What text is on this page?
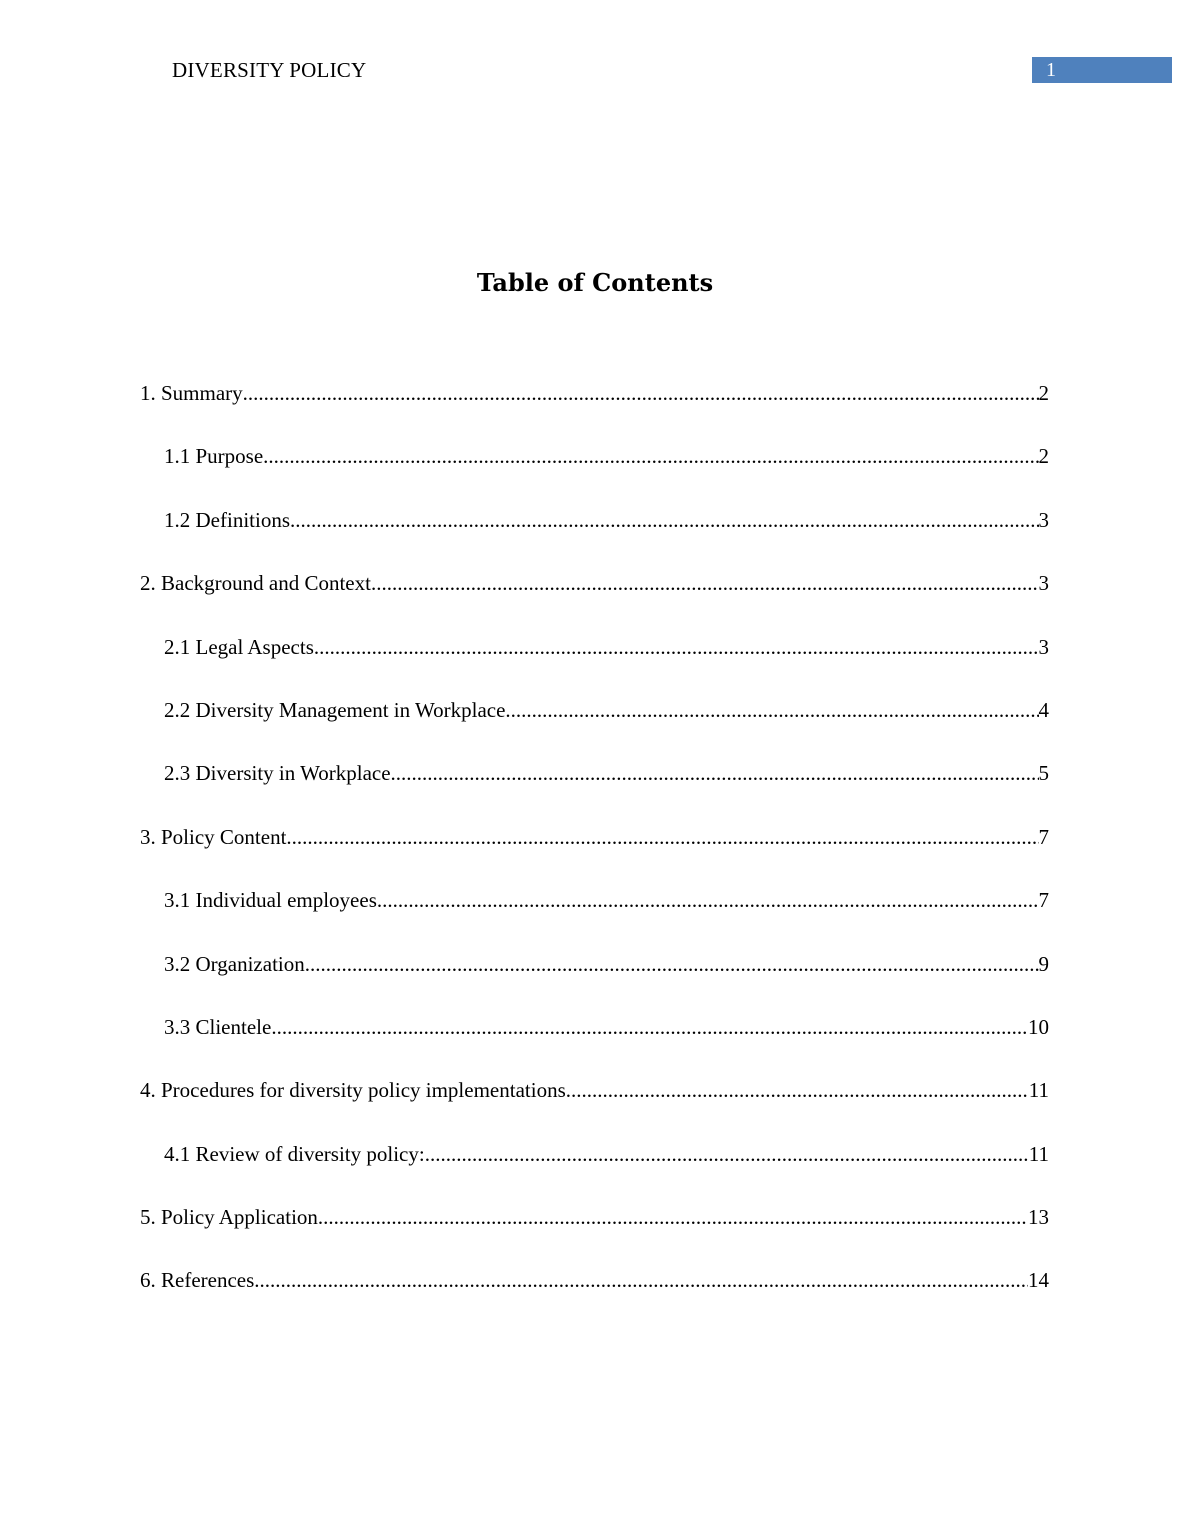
DIVERSITY POLICY	1
Table of Contents
1. Summary .....	2
1.1 Purpose .....	2
1.2 Definitions .....	3
2. Background and Context .....	3
2.1 Legal Aspects .....	3
2.2 Diversity Management in Workplace .....	4
2.3 Diversity in Workplace .....	5
3. Policy Content .....	7
3.1 Individual employees .....	7
3.2 Organization .....	9
3.3 Clientele .....	10
4. Procedures for diversity policy implementations .....	11
4.1 Review of diversity policy: .....	11
5. Policy Application .....	13
6. References .....	14
